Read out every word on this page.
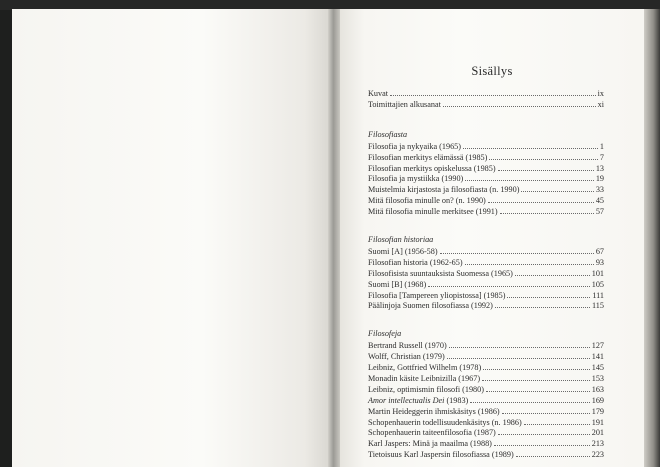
Sisällys
Kuvat	ix
Toimittajien alkusanat	xi
Filosofiasta
Filosofia ja nykyaika (1965)	1
Filosofian merkitys elämässä (1985)	7
Filosofian merkitys opiskelussa (1985)	13
Filosofia ja mystiikka (1990)	19
Muistelmia kirjastosta ja filosofiasta (n. 1990)	33
Mitä filosofia minulle on? (n. 1990)	45
Mitä filosofia minulle merkitsee (1991)	57
Filosofian historiaa
Suomi [A] (1956-58)	67
Filosofian historia (1962-65)	93
Filosofisista suuntauksista Suomessa (1965)	101
Suomi [B] (1968)	105
Filosofia [Tampereen yliopistossa] (1985)	111
Päälinjoja Suomen filosofiassa (1992)	115
Filosofeja
Bertrand Russell (1970)	127
Wolff, Christian (1979)	141
Leibniz, Gottfried Wilhelm (1978)	145
Monadin käsite Leibnizilla (1967)	153
Leibniz, optimismin filosofi (1980)	163
Amor intellectualis Dei (1983)	169
Martin Heideggerin ihmiskäsitys (1986)	179
Schopenhauerin todellisuudenkäsitys (n. 1986)	191
Schopenhauerin taiteenfilosofia (1987)	201
Karl Jaspers: Minä ja maailma (1988)	213
Tietoisuus Karl Jaspersin filosofiassa (1989)	223
